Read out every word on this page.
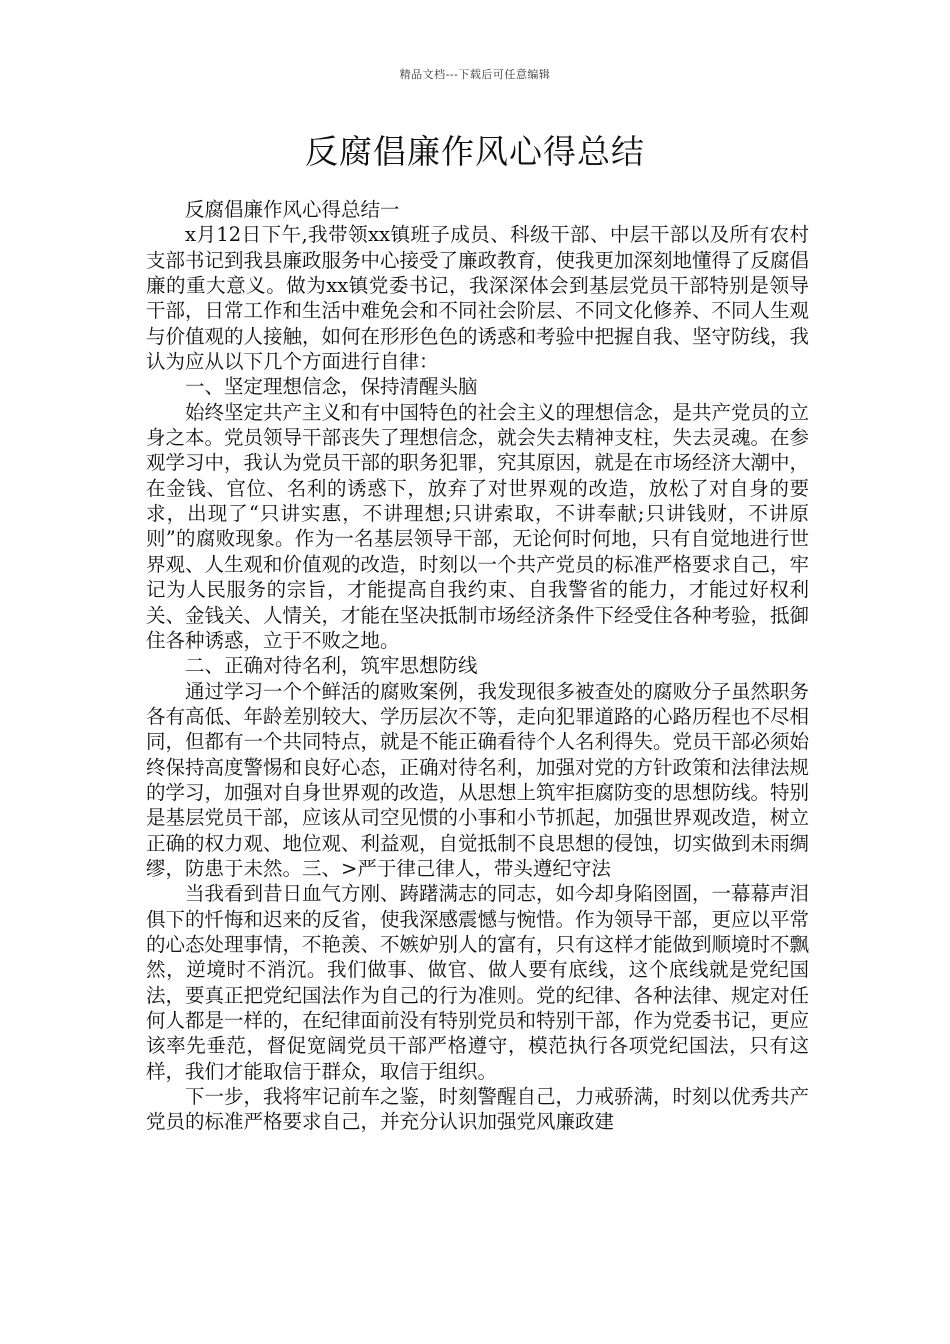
精品文档---下载后可任意编辑
反腐倡廉作风心得总结

反腐倡廉作风心得总结一

x月12日下午,我带领xx镇班子成员、科级干部、中层干部以及所有农村支部书记到我县廉政服务中心接受了廉政教育，使我更加深刻地懂得了反腐倡廉的重大意义。做为xx镇党委书记，我深深体会到基层党员干部特别是领导干部，日常工作和生活中难免会和不同社会阶层、不同文化修养、不同人生观与价值观的人接触，如何在形形色色的诱惑和考验中把握自我、坚守防线，我认为应从以下几个方面进行自律：

一、坚定理想信念，保持清醒头脑

始终坚定共产主义和有中国特色的社会主义的理想信念，是共产党员的立身之本。党员领导干部丧失了理想信念，就会失去精神支柱，失去灵魂。在参观学习中，我认为党员干部的职务犯罪，究其原因，就是在市场经济大潮中，在金钱、官位、名利的诱惑下，放弃了对世界观的改造，放松了对自身的要求，出现了“只讲实惠，不讲理想;只讲索取，不讲奉献;只讲钱财，不讲原则”的腐败现象。作为一名基层领导干部，无论何时何地，只有自觉地进行世界观、人生观和价值观的改造，时刻以一个共产党员的标准严格要求自己，牢记为人民服务的宗旨，才能提高自我约束、自我警省的能力，才能过好权利关、金钱关、人情关，才能在坚决抵制市场经济条件下经受住各种考验，抵御住各种诱惑，立于不败之地。

二、正确对待名利，筑牢思想防线

通过学习一个个鲜活的腐败案例，我发现很多被查处的腐败分子虽然职务各有高低、年龄差别较大、学历层次不等，走向犯罪道路的心路历程也不尽相同，但都有一个共同特点，就是不能正确看待个人名利得失。党员干部必须始终保持高度警惕和良好心态，正确对待名利，加强对党的方针政策和法律法规的学习，加强对自身世界观的改造，从思想上筑牢拒腐防变的思想防线。特别是基层党员干部，应该从司空见惯的小事和小节抓起，加强世界观改造，树立正确的权力观、地位观、利益观，自觉抵制不良思想的侵蚀，切实做到未雨绸缪，防患于未然。三、>严于律己律人，带头遵纪守法

当我看到昔日血气方刚、踌躇满志的同志，如今却身陷囹圄，一幕幕声泪俱下的忏悔和迟来的反省，使我深感震憾与惋惜。作为领导干部，更应以平常的心态处理事情，不艳羡、不嫉妒别人的富有，只有这样才能做到顺境时不飘然，逆境时不消沉。我们做事、做官、做人要有底线，这个底线就是党纪国法，要真正把党纪国法作为自己的行为准则。党的纪律、各种法律、规定对任何人都是一样的，在纪律面前没有特别党员和特别干部，作为党委书记，更应该率先垂范，督促宽阔党员干部严格遵守，模范执行各项党纪国法，只有这样，我们才能取信于群众，取信于组织。

下一步，我将牢记前车之鉴，时刻警醒自己，力戒骄满，时刻以优秀共产党员的标准严格要求自己，并充分认识加强党风廉政建
